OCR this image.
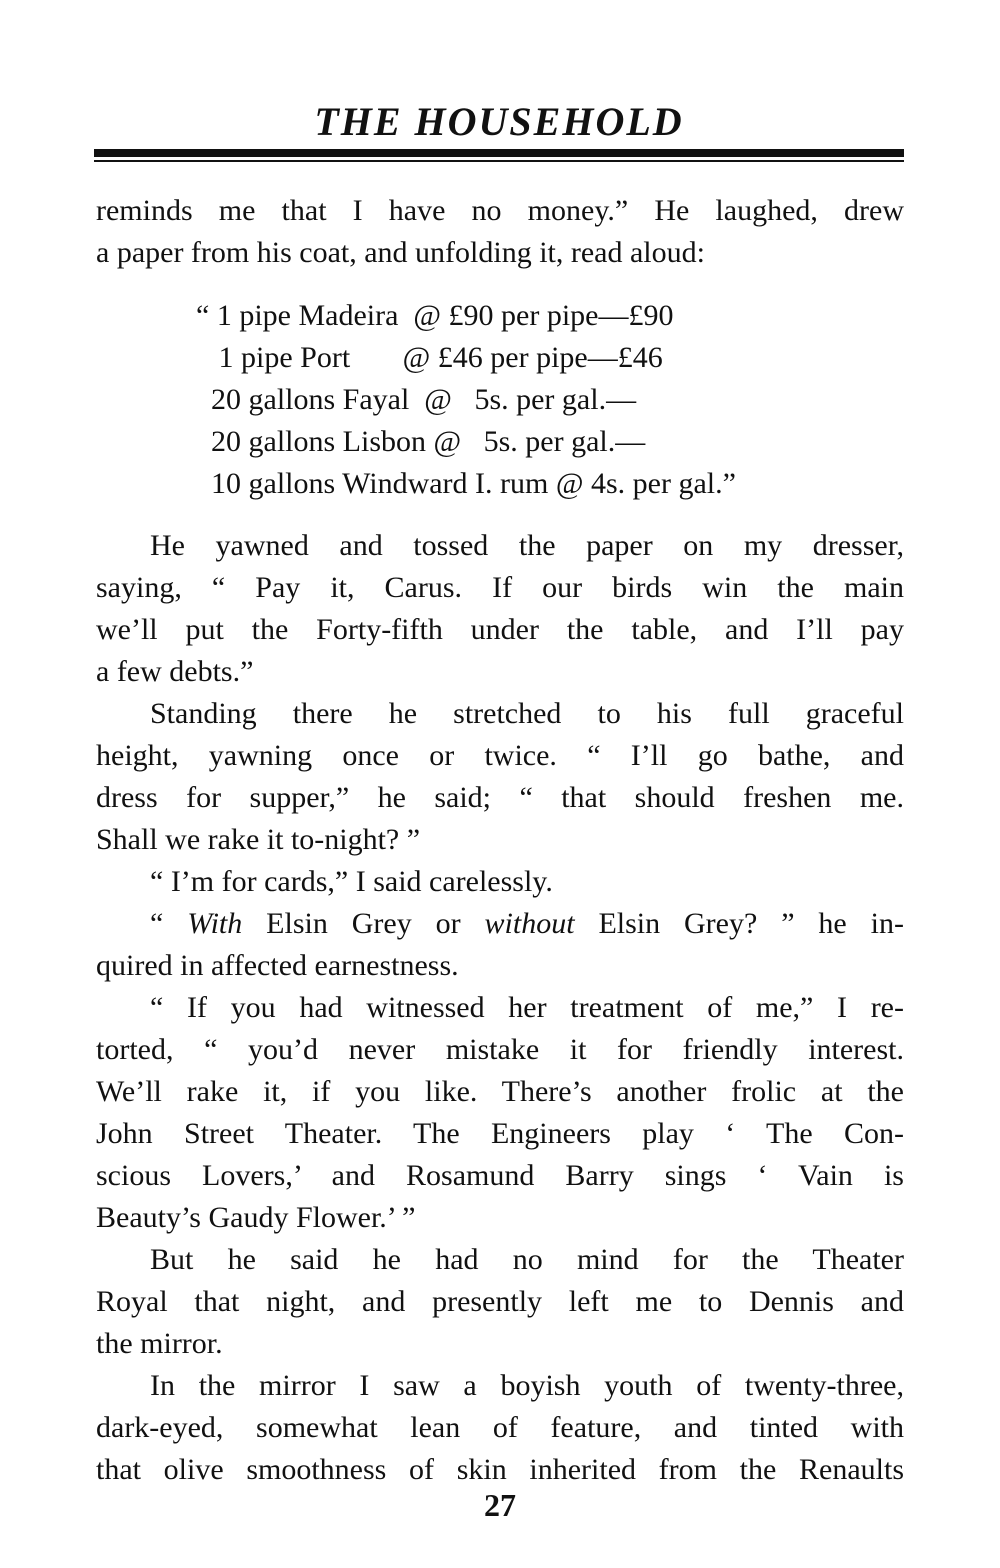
THE HOUSEHOLD
reminds me that I have no money.” He laughed, drew
a paper from his coat, and unfolding it, read aloud:
“ 1 pipe Madeira  @ £90 per pipe—£90
1 pipe Port       @ £46 per pipe—£46
20 gallons Fayal  @   5s. per gal.—
20 gallons Lisbon @   5s. per gal.—
10 gallons Windward I. rum @ 4s. per gal.”
He yawned and tossed the paper on my dresser,
saying, “ Pay it, Carus. If our birds win the main
we’ll put the Forty-fifth under the table, and I’ll pay
a few debts.”
Standing there he stretched to his full graceful
height, yawning once or twice. “ I’ll go bathe, and
dress for supper,” he said; “ that should freshen me.
Shall we rake it to-night? ”
“ I’m for cards,” I said carelessly.
“ With Elsin Grey or without Elsin Grey? ” he in-
quired in affected earnestness.
“ If you had witnessed her treatment of me,” I re-
torted, “ you’d never mistake it for friendly interest.
We’ll rake it, if you like. There’s another frolic at the
John Street Theater. The Engineers play ‘ The Con-
scious Lovers,’ and Rosamund Barry sings ‘ Vain is
Beauty’s Gaudy Flower.’ ”
But he said he had no mind for the Theater
Royal that night, and presently left me to Dennis and
the mirror.
In the mirror I saw a boyish youth of twenty-three,
dark-eyed, somewhat lean of feature, and tinted with
that olive smoothness of skin inherited from the Renaults
27
